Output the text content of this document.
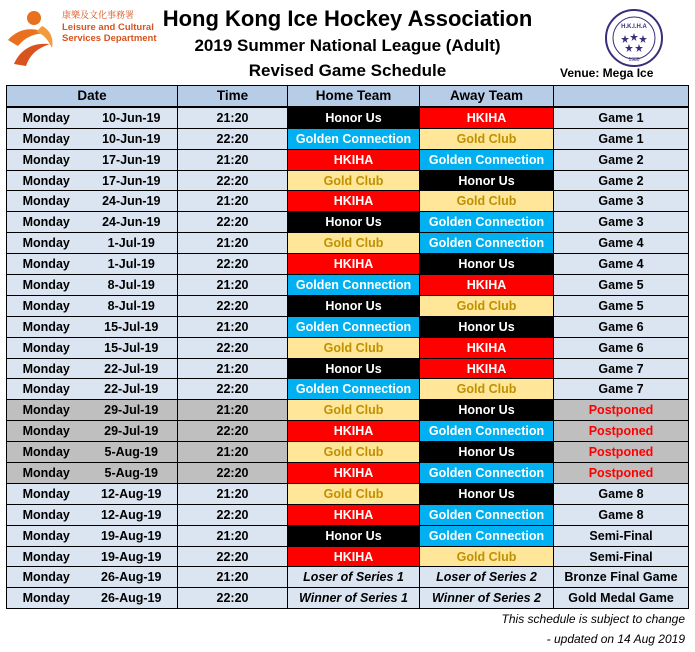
康樂及文化事務署
Leisure and Cultural
Services Department
Hong Kong Ice Hockey Association
2019 Summer National League (Adult)
Revised Game Schedule
H.K.I.H.A
1980
Venue: Mega Ice
Date		Time	Home Team	Away Team	
Monday	10-Jun-19	21:20	Honor Us	HKIHA	Game 1
Monday	10-Jun-19	22:20	Golden Connection	Gold Club	Game 1
Monday	17-Jun-19	21:20	HKIHA	Golden Connection	Game 2
Monday	17-Jun-19	22:20	Gold Club	Honor Us	Game 2
Monday	24-Jun-19	21:20	HKIHA	Gold Club	Game 3
Monday	24-Jun-19	22:20	Honor Us	Golden Connection	Game 3
Monday	1-Jul-19	21:20	Gold Club	Golden Connection	Game 4
Monday	1-Jul-19	22:20	HKIHA	Honor Us	Game 4
Monday	8-Jul-19	21:20	Golden Connection	HKIHA	Game 5
Monday	8-Jul-19	22:20	Honor Us	Gold Club	Game 5
Monday	15-Jul-19	21:20	Golden Connection	Honor Us	Game 6
Monday	15-Jul-19	22:20	Gold Club	HKIHA	Game 6
Monday	22-Jul-19	21:20	Honor Us	HKIHA	Game 7
Monday	22-Jul-19	22:20	Golden Connection	Gold Club	Game 7
Monday	29-Jul-19	21:20	Gold Club	Honor Us	Postponed
Monday	29-Jul-19	22:20	HKIHA	Golden Connection	Postponed
Monday	5-Aug-19	21:20	Gold Club	Honor Us	Postponed
Monday	5-Aug-19	22:20	HKIHA	Golden Connection	Postponed
Monday	12-Aug-19	21:20	Gold Club	Honor Us	Game 8
Monday	12-Aug-19	22:20	HKIHA	Golden Connection	Game 8
Monday	19-Aug-19	21:20	Honor Us	Golden Connection	Semi-Final
Monday	19-Aug-19	22:20	HKIHA	Gold Club	Semi-Final
Monday	26-Aug-19	21:20	Loser of Series 1	Loser of Series 2	Bronze Final Game
Monday	26-Aug-19	22:20	Winner of Series 1	Winner of Series 2	Gold Medal Game
This schedule is subject to change
- updated on 14 Aug 2019
